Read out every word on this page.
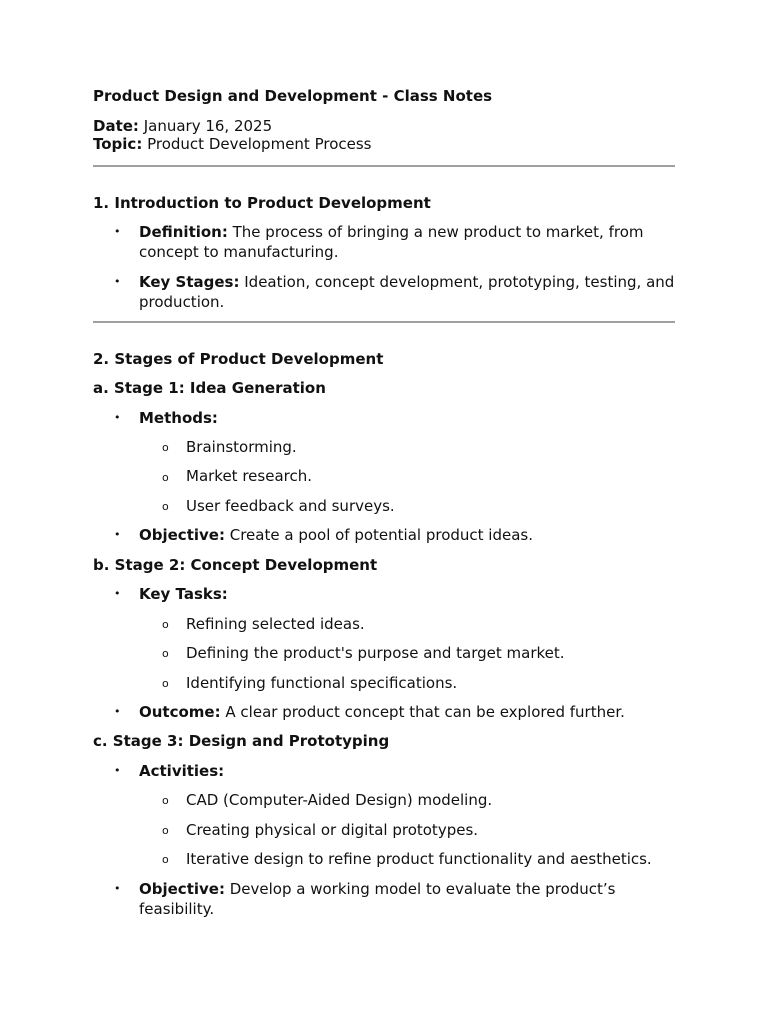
Product Design and Development - Class Notes
Date: January 16, 2025
Topic: Product Development Process
1. Introduction to Product Development
• Definition: The process of bringing a new product to market, from concept to manufacturing.
• Key Stages: Ideation, concept development, prototyping, testing, and production.
2. Stages of Product Development
a. Stage 1: Idea Generation
• Methods:
o Brainstorming.
o Market research.
o User feedback and surveys.
• Objective: Create a pool of potential product ideas.
b. Stage 2: Concept Development
• Key Tasks:
o Refining selected ideas.
o Defining the product's purpose and target market.
o Identifying functional specifications.
• Outcome: A clear product concept that can be explored further.
c. Stage 3: Design and Prototyping
• Activities:
o CAD (Computer-Aided Design) modeling.
o Creating physical or digital prototypes.
o Iterative design to refine product functionality and aesthetics.
• Objective: Develop a working model to evaluate the product’s feasibility.
